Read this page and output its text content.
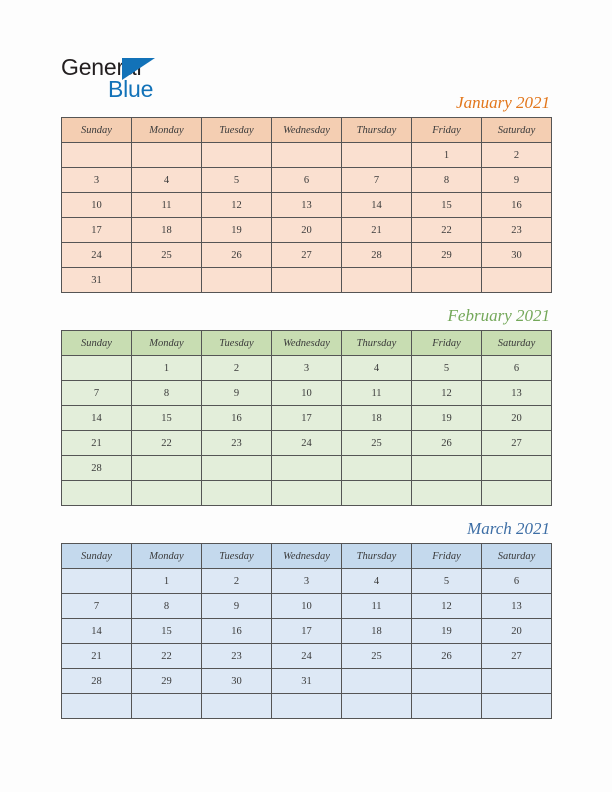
General
Blue
January 2021
Sunday	Monday	Tuesday	Wednesday	Thursday	Friday	Saturday
					1	2
3	4	5	6	7	8	9
10	11	12	13	14	15	16
17	18	19	20	21	22	23
24	25	26	27	28	29	30
31						
February 2021
Sunday	Monday	Tuesday	Wednesday	Thursday	Friday	Saturday
	1	2	3	4	5	6
7	8	9	10	11	12	13
14	15	16	17	18	19	20
21	22	23	24	25	26	27
28						

March 2021
Sunday	Monday	Tuesday	Wednesday	Thursday	Friday	Saturday
	1	2	3	4	5	6
7	8	9	10	11	12	13
14	15	16	17	18	19	20
21	22	23	24	25	26	27
28	29	30	31			
